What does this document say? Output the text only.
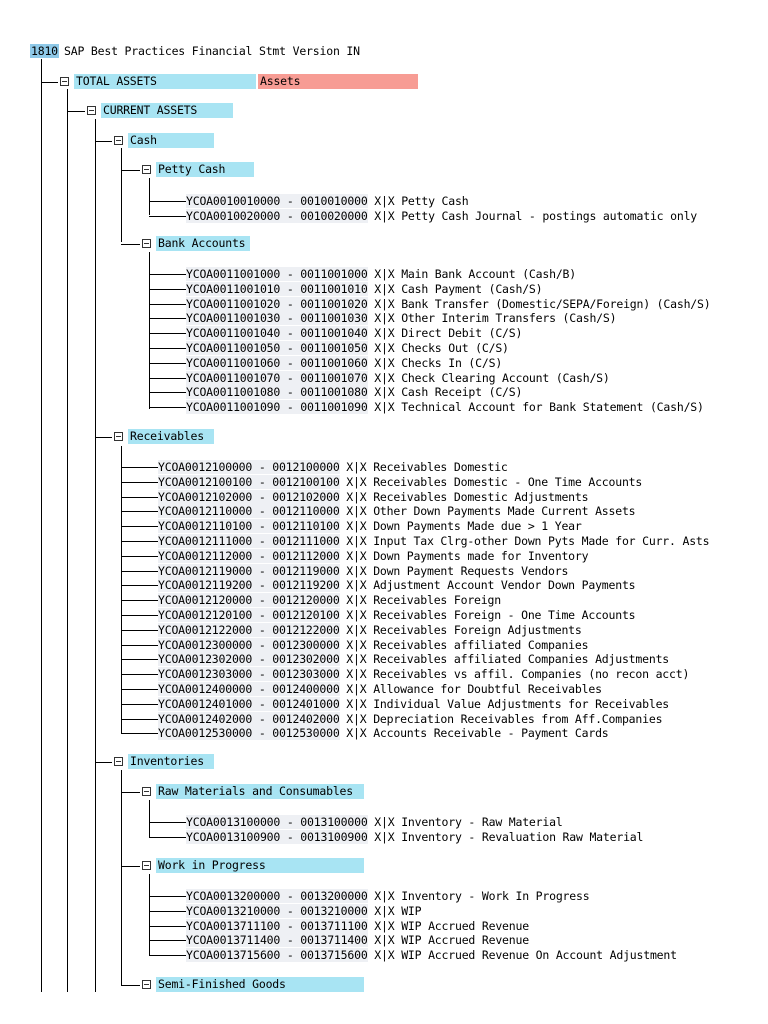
1810 SAP Best Practices Financial Stmt Version IN
TOTAL ASSETS	Assets
CURRENT ASSETS
Cash
Petty Cash
YCOA0010010000 - 0010010000 X|X Petty Cash
YCOA0010020000 - 0010020000 X|X Petty Cash Journal - postings automatic only
Bank Accounts
YCOA0011001000 - 0011001000 X|X Main Bank Account (Cash/B)
YCOA0011001010 - 0011001010 X|X Cash Payment (Cash/S)
YCOA0011001020 - 0011001020 X|X Bank Transfer (Domestic/SEPA/Foreign) (Cash/S)
YCOA0011001030 - 0011001030 X|X Other Interim Transfers (Cash/S)
YCOA0011001040 - 0011001040 X|X Direct Debit (C/S)
YCOA0011001050 - 0011001050 X|X Checks Out (C/S)
YCOA0011001060 - 0011001060 X|X Checks In (C/S)
YCOA0011001070 - 0011001070 X|X Check Clearing Account (Cash/S)
YCOA0011001080 - 0011001080 X|X Cash Receipt (C/S)
YCOA0011001090 - 0011001090 X|X Technical Account for Bank Statement (Cash/S)
Receivables
YCOA0012100000 - 0012100000 X|X Receivables Domestic
YCOA0012100100 - 0012100100 X|X Receivables Domestic - One Time Accounts
YCOA0012102000 - 0012102000 X|X Receivables Domestic Adjustments
YCOA0012110000 - 0012110000 X|X Other Down Payments Made Current Assets
YCOA0012110100 - 0012110100 X|X Down Payments Made due > 1 Year
YCOA0012111000 - 0012111000 X|X Input Tax Clrg-other Down Pyts Made for Curr. Asts
YCOA0012112000 - 0012112000 X|X Down Payments made for Inventory
YCOA0012119000 - 0012119000 X|X Down Payment Requests Vendors
YCOA0012119200 - 0012119200 X|X Adjustment Account Vendor Down Payments
YCOA0012120000 - 0012120000 X|X Receivables Foreign
YCOA0012120100 - 0012120100 X|X Receivables Foreign - One Time Accounts
YCOA0012122000 - 0012122000 X|X Receivables Foreign Adjustments
YCOA0012300000 - 0012300000 X|X Receivables affiliated Companies
YCOA0012302000 - 0012302000 X|X Receivables affiliated Companies Adjustments
YCOA0012303000 - 0012303000 X|X Receivables vs affil. Companies (no recon acct)
YCOA0012400000 - 0012400000 X|X Allowance for Doubtful Receivables
YCOA0012401000 - 0012401000 X|X Individual Value Adjustments for Receivables
YCOA0012402000 - 0012402000 X|X Depreciation Receivables from Aff.Companies
YCOA0012530000 - 0012530000 X|X Accounts Receivable - Payment Cards
Inventories
Raw Materials and Consumables
YCOA0013100000 - 0013100000 X|X Inventory - Raw Material
YCOA0013100900 - 0013100900 X|X Inventory - Revaluation Raw Material
Work in Progress
YCOA0013200000 - 0013200000 X|X Inventory - Work In Progress
YCOA0013210000 - 0013210000 X|X WIP
YCOA0013711100 - 0013711100 X|X WIP Accrued Revenue
YCOA0013711400 - 0013711400 X|X WIP Accrued Revenue
YCOA0013715600 - 0013715600 X|X WIP Accrued Revenue On Account Adjustment
Semi-Finished Goods
